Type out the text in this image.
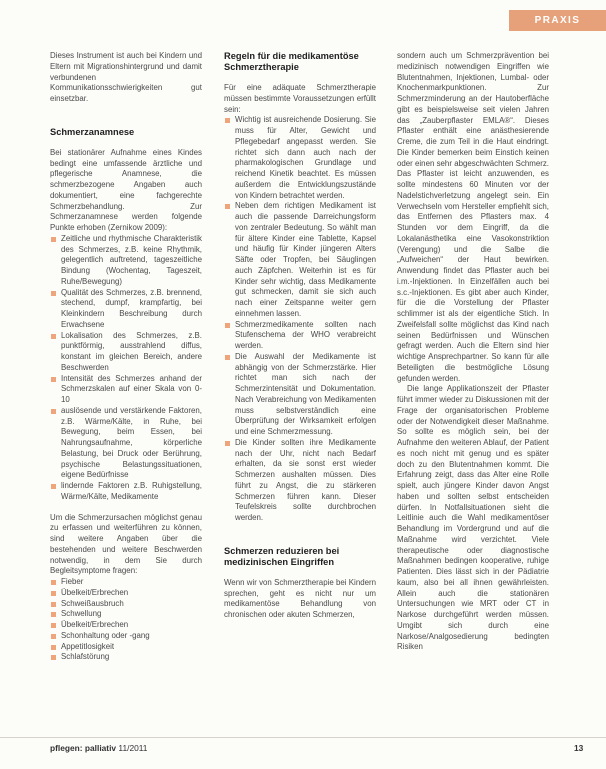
PRAXIS

Dieses Instrument ist auch bei Kindern und Eltern mit Migrationshintergrund und damit verbundenen Kommunikationsschwierigkeiten gut einsetzbar.

Schmerzanamnese

Bei stationärer Aufnahme eines Kindes bedingt eine umfassende ärztliche und pflegerische Anamnese, die schmerzbezogene Angaben auch dokumentiert, eine fachgerechte Schmerzbehandlung. Zur Schmerzanamnese werden folgende Punkte erhoben (Zernikow 2009):

Zeitliche und rhythmische Charakteristik des Schmerzes, z.B. keine Rhythmik, gelegentlich auftretend, tageszeitliche Bindung (Wochentag, Tageszeit, Ruhe/Bewegung)
Qualität des Schmerzes, z.B. brennend, stechend, dumpf, krampfartig, bei Kleinkindern Beschreibung durch Erwachsene
Lokalisation des Schmerzes, z.B. punktförmig, ausstrahlend diffus, konstant im gleichen Bereich, andere Beschwerden
Intensität des Schmerzes anhand der Schmerzskalen auf einer Skala von 0-10
auslösende und verstärkende Faktoren, z.B. Wärme/Kälte, in Ruhe, bei Bewegung, beim Essen, bei Nahrungsaufnahme, körperliche Belastung, bei Druck oder Berührung, psychische Belastungssituationen, eigene Bedürfnisse
lindernde Faktoren z.B. Ruhigstellung, Wärme/Kälte, Medikamente

Um die Schmerzursachen möglichst genau zu erfassen und weiterführen zu können, sind weitere Angaben über die bestehenden und weitere Beschwerden notwendig, in dem Sie durch Begleitsymptome fragen:

Fieber
Übelkeit/Erbrechen
Schweißausbruch
Schwellung
Übelkeit/Erbrechen
Schonhaltung oder -gang
Appetitlosigkeit
Schlafstörung
Regeln für die medikamentöse Schmerztherapie

Für eine adäquate Schmerztherapie müssen bestimmte Voraussetzungen erfüllt sein:

Wichtig ist ausreichende Dosierung. Sie muss für Alter, Gewicht und Pflegebedarf angepasst werden. Sie richtet sich dann auch nach der pharmakologischen Grundlage und reichend Kinetik beachtet. Es müssen außerdem die Entwicklungszustände von Kindern betrachtet werden.
Neben dem richtigen Medikament ist auch die passende Darreichungsform von zentraler Bedeutung. So wählt man für ältere Kinder eine Tablette, Kapsel und häufig für Kinder jüngeren Alters Säfte oder Tropfen, bei Säuglingen auch Zäpfchen. Weiterhin ist es für Kinder sehr wichtig, dass Medikamente gut schmecken, damit sie sich auch nach einer Zeitspanne weiter gern einnehmen lassen.
Schmerzmedikamente sollten nach Stufenschema der WHO verabreicht werden.
Die Auswahl der Medikamente ist abhängig von der Schmerzstärke. Hier richtet man sich nach der Schmerzintensität und Dokumentation. Nach Verabreichung von Medikamenten muss selbstverständlich eine Überprüfung der Wirksamkeit erfolgen und eine Schmerzmessung.
Die Kinder sollten ihre Medikamente nach der Uhr, nicht nach Bedarf erhalten, da sie sonst erst wieder Schmerzen aushalten müssen. Dies führt zu Angst, die zu stärkeren Schmerzen führen kann. Dieser Teufelskreis sollte durchbrochen werden.
Schmerzen reduzieren bei medizinischen Eingriffen

Wenn wir von Schmerztherapie bei Kindern sprechen, geht es nicht nur um medikamentöse Behandlung von chronischen oder akuten Schmerzen,

sondern auch um Schmerzprävention bei medizinisch notwendigen Eingriffen wie Blutentnahmen, Injektionen, Lumbal- oder Knochenmarkpunktionen. Zur Schmerzminderung an der Hautoberfläche gibt es beispielsweise seit vielen Jahren das „Zauberpflaster EMLA®“. Dieses Pflaster enthält eine anästhesierende Creme, die zum Teil in die Haut eindringt. Die Kinder bemerken beim Einstich keinen oder einen sehr abgeschwächten Schmerz. Das Pflaster ist leicht anzuwenden, es sollte mindestens 60 Minuten vor der Nadelstichverletzung angelegt sein. Ein Verwechseln vom Hersteller empfiehlt sich, das Entfernen des Pflasters max. 4 Stunden vor dem Eingriff, da die Lokalanästhetika eine Vasokonstriktion (Verengung) und die Salbe die „Aufweichen“ der Haut bewirken. Anwendung findet das Pflaster auch bei i.m.-Injektionen. In Einzelfällen auch bei s.c.-Injektionen. Es gibt aber auch Kinder, für die die Vorstellung der Pflaster schlimmer ist als der eigentliche Stich. In Zweifelsfall sollte möglichst das Kind nach seinen Bedürfnissen und Wünschen gefragt werden. Auch die Eltern sind hier wichtige Ansprechpartner. So kann für alle Beteiligten die bestmögliche Lösung gefunden werden.

Die lange Applikationszeit der Pflaster führt immer wieder zu Diskussionen mit der Frage der organisatorischen Probleme oder der Notwendigkeit dieser Maßnahme. So sollte es möglich sein, bei der Aufnahme den weiteren Ablauf, der Patient es noch nicht mit genug und es später doch zu den Blutentnahmen kommt. Die Erfahrung zeigt, dass das Alter eine Rolle spielt, auch jüngere Kinder davon Angst haben und sollten selbst entscheiden dürfen. In Notfallsituationen sieht die Leitlinie auch die Wahl medikamentöser Behandlung im Vordergrund und auf die Maßnahme wird verzichtet. Viele therapeutische oder diagnostische Maßnahmen bedingen kooperative, ruhige Patienten. Dies lässt sich in der Pädiatrie kaum, also bei all ihnen gewährleisten. Allein auch die stationären Untersuchungen wie MRT oder CT in Narkose durchgeführt werden müssen. Umgibt sich durch eine Narkose/Analgosedierung bedingten Risiken

pflegen: palliativ 11/2011	13
